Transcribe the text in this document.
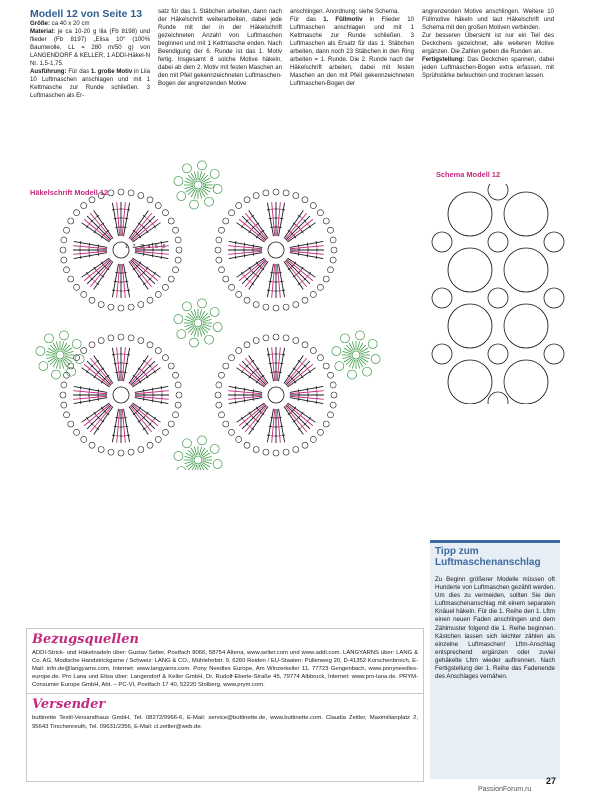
Modell 12 von Seite 13

Größe: ca 40 x 20 cm

Material: je ca 10-20 g lila (Fb 8198) und flieder (Fb 8197) „Elisa 10“ (100% Baumwolle, LL = 280 m/50 g) von LANGENDORF & KELLER, 1 ADDI-Häkel-N Nr. 1,5-1,75.

Ausführung: Für das 1. große Motiv in Lila 10 Luftmaschen anschlagen und mit 1 Kettmasche zur Runde schließen. 3 Luftmaschen als Er-

satz für das 1. Stäbchen arbeiten, dann nach der Häkelschrift weiterarbeiten, dabei jede Runde mit der in der Häkelschrift gezeichneten Anzahl von Luftmaschen beginnen und mit 1 Kettmasche enden. Nach Beendigung der 6. Runde ist das 1. Motiv fertig. Insgesamt 8 solche Motive häkeln, dabei ab dem 2. Motiv mit festen Maschen an den mit Pfeil gekennzeichneten Luftmaschen-Bogen der angrenzenden Motive

anschlingen. Anordnung: siehe Schema.

Für das 1. Füllmotiv in Flieder 10 Luftmaschen anschlagen und mit 1 Kettmasche zur Runde schließen. 3 Luftmaschen als Ersatz für das 1. Stäbchen arbeiten, dann noch 23 Stäbchen in den Ring arbeiten = 1. Runde. Die 2. Runde nach der Häkelschrift arbeiten, dabei mit festen Maschen an den mit Pfeil gekennzeichneten Luftmaschen-Bogen der

angrenzenden Motive anschlingen. Weitere 10 Füllmotive häkeln und laut Häkelschrift und Schema mit den großen Motiven verbinden.

Zur besseren Übersicht ist nur ein Teil des Deckchens gezeichnet, alle weiteren Motive ergänzen. Die Zahlen geben die Runden an.

Fertigstellung: Das Deckchen spannen, dabei jeden Luftmaschen-Bogen extra erfassen, mit Sprühstärke befeuchten und trocknen lassen.

Häkelschrift Modell 12
1 2 3 4 5 6
1 2
Schema Modell 12
Tipp zum Luftmaschenanschlag
Zu Beginn größerer Modelle müssen oft Hunderte von Luftmaschen gezählt werden. Um dies zu vermeiden, sollten Sie den Luftmaschenanschlag mit einem separaten Knäuel häkeln. Für die 1. Reihe den 1. Lftm einen neuen Faden anschlingen und dem Zählmuster folgend die 1. Reihe beginnen. Kästchen lassen sich leichter zählen als einzelne Luftmaschen! Lftm-Anschlag entsprechend ergänzen oder zuviel gehäkelte Lftm wieder auftrennen. Nach Fertigstellung der 1. Reihe das Fadenende des Anschlages vernähen.
Bezugsquellen
ADDI-Strick- und Häkelnadeln über: Gustav Selter, Postfach 8066, 58754 Altena, www.selter.com und www.addi.com. LANGYARNS über: LANG & Co. AG, Modische Handstrickgarne / Schweiz: LANG & CO., Mühlehofstr. 9, 6260 Reiden / EU-Staaten: Püllenweg 20, D-41352 Korschenbroich, E-Mail: info.de@langyarns.com, Internet: www.langyarns.com. Pony Needles Europe, Am Winzerkeller 11, 77723 Gengenbach, www.ponyneedles-europe.de. Pro Lana und Elisa über: Langendorf & Keller GmbH, Dr. Rudolf-Eberle-Straße 45, 79774 Albbruck, Internet: www.pro-lana.de. PRYM-Consumer Europe GmbH, Abt. – PC-VI, Postfach 17 40, 52220 Stolberg, www.prym.com.
Versender
buttinette Textil-Versandhaus GmbH, Tel. 08272/9966-6, E-Mail: service@buttinette.de, www.buttinette.com. Claudia Zeitler, Maximilianplatz 2, 95643 Tirschenreuth, Tel. 09631/2356, E-Mail: cl.zeitler@web.de.
27
PassionForum.ru
